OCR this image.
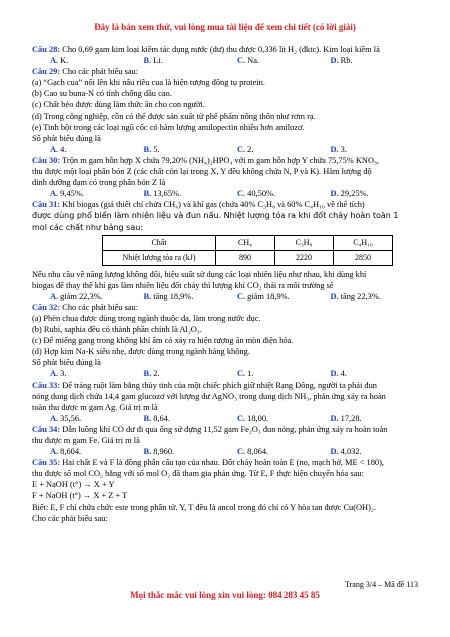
Đây là bản xem thử, vui lòng mua tài liệu để xem chi tiết (có lời giải)
Câu 28: Cho 0,69 gam kim loại kiềm tác dụng nước (dư) thu được 0,336 lít H₂ (đktc). Kim loại kiềm là
A. K.	B. Li.	C. Na.	D. Rb.
Câu 29: Cho các phát biểu sau:
(a) “Gạch cua” nổi lên khi nấu riêu cua là hiện tượng đông tụ protein.
(b) Cao su buna-N có tính chống dầu cao.
(c) Chất béo được dùng làm thức ăn cho con người.
(d) Trong công nghiệp, cồn có thể được sản xuất từ phế phẩm nông thôn như rơm rạ.
(e) Tinh bột trong các loại ngũ cốc có hàm lượng amilopectin nhiều hơn amilozơ.
Số phát biểu đúng là
A. 4.	B. 5.	C. 2.	D. 3.
Câu 30: Trộn m gam hỗn hợp X chứa 79,20% (NH₄)₂HPO₄ với m gam hỗn hợp Y chứa 75,75% KNO₃,
thu được một loại phân bón Z (các chất còn lại trong X, Y đều không chứa N, P và K). Hàm lượng độ
dinh dưỡng đạm có trong phân bón Z là
A. 9,45%.	B. 13,65%.	C. 40,50%.	D. 29,25%.
Câu 31: Khí biogas (giả thiết chỉ chứa CH₄) và khí gas (chứa 40% C₃H₈ và 60% C₄H₁₀ về thể tích)
được dùng phổ biến làm nhiên liệu và đun nấu. Nhiệt lượng tỏa ra khi đốt cháy hoàn toàn 1
mol các chất như bảng sau:
Chất	CH₄	C₃H₈	C₄H₁₀
Nhiệt lượng tỏa ra (kJ)	890	2220	2850
Nếu nhu cầu về năng lượng không đổi, hiệu suất sử dụng các loại nhiên liệu như nhau, khi dùng khí
biogas để thay thế khí gas làm nhiên liệu đốt cháy thì lượng khí CO₂ thải ra môi trường sẽ
A. giảm 22,3%.	B. tăng 18,9%.	C. giảm 18,9%.	D. tăng 22,3%.
Câu 32: Cho các phát biểu sau:
(a) Phèn chua được dùng trong ngành thuộc da, làm trong nước đục.
(b) Rubi, saphia đều có thành phần chính là Al₂O₃.
(c) Để miếng gang trong không khí ẩm có xảy ra hiện tượng ăn mòn điện hóa.
(d) Hợp kim Na-K siêu nhẹ, được dùng trong ngành hàng không.
Số phát biểu đúng là
A. 3.	B. 2.	C. 1.	D. 4.
Câu 33: Để tráng ruột làm bằng thủy tinh của một chiếc phích giữ nhiệt Rạng Đông, người ta phải đun
nóng dung dịch chứa 14,4 gam glucozơ với lượng dư AgNO₃ trong dung dịch NH₃, phản ứng xảy ra hoàn
toàn thu được m gam Ag. Giá trị m là
A. 35,56.	B. 8,64.	C. 18,00.	D. 17,28.
Câu 34: Dẫn luồng khí CO dư đi qua ống sứ đựng 11,52 gam Fe₂O₃ đun nóng, phản ứng xảy ra hoàn toàn
thu được m gam Fe. Giá trị m là
A. 8,604.	B. 8,960.	C. 8,064.	D. 4,032.
Câu 35: Hai chất E và F là đồng phân cấu tạo của nhau. Đốt cháy hoàn toàn E (no, mạch hở, ME < 180),
thu được số mol CO₂ bằng với số mol O₂ đã tham gia phản ứng. Từ E, F thực hiện chuyển hóa sau:
E + NaOH (t°) → X + Y
F + NaOH (t°) → X + Z + T
Biết: E, F chỉ chứa chức este trong phân tử. Y, T đều là ancol trong đó chỉ có Y hòa tan được Cu(OH)₂.
Cho các phát biểu sau:
Trang 3/4 – Mã đề 113
Mọi thắc mắc vui lòng xin vui lòng: 084 283 45 85
